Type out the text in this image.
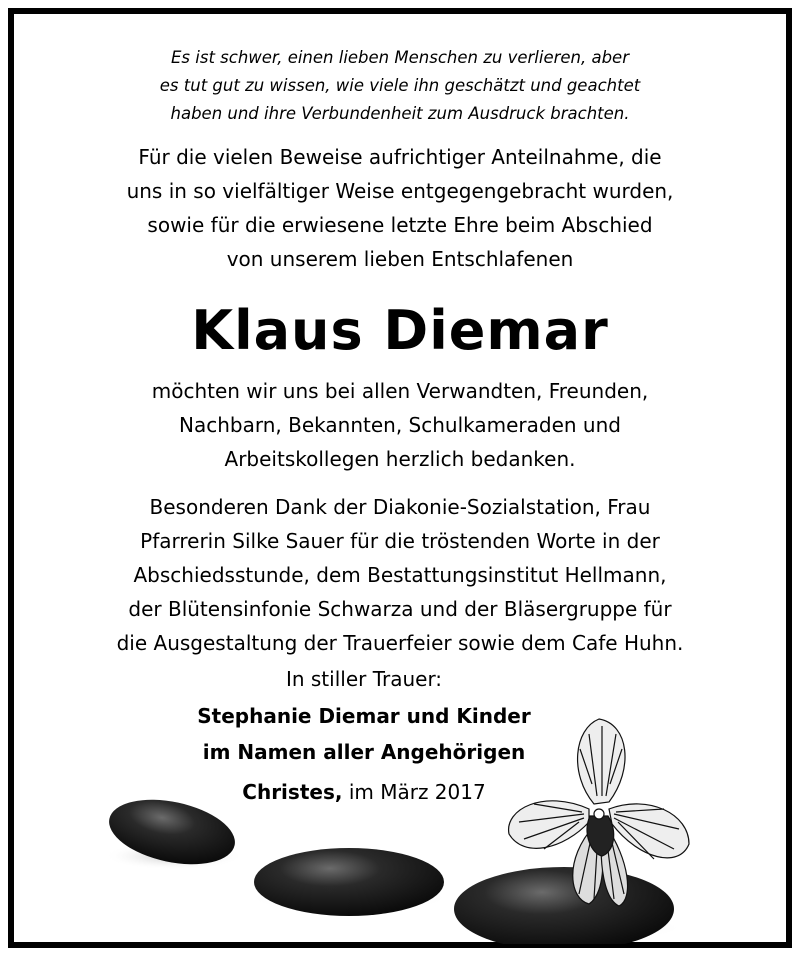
Es ist schwer, einen lieben Menschen zu verlieren, aber
es tut gut zu wissen, wie viele ihn geschätzt und geachtet
haben und ihre Verbundenheit zum Ausdruck brachten.
Für die vielen Beweise aufrichtiger Anteilnahme, die
uns in so vielfältiger Weise entgegengebracht wurden,
sowie für die erwiesene letzte Ehre beim Abschied
von unserem lieben Entschlafenen
Klaus Diemar
möchten wir uns bei allen Verwandten, Freunden,
Nachbarn, Bekannten, Schulkameraden und
Arbeitskollegen herzlich bedanken.
Besonderen Dank der Diakonie-Sozialstation, Frau
Pfarrerin Silke Sauer für die tröstenden Worte in der
Abschiedsstunde, dem Bestattungsinstitut Hellmann,
der Blütensinfonie Schwarza und der Bläsergruppe für
die Ausgestaltung der Trauerfeier sowie dem Cafe Huhn.
In stiller Trauer:
Stephanie Diemar und Kinder
im Namen aller Angehörigen
Christes, im März 2017
